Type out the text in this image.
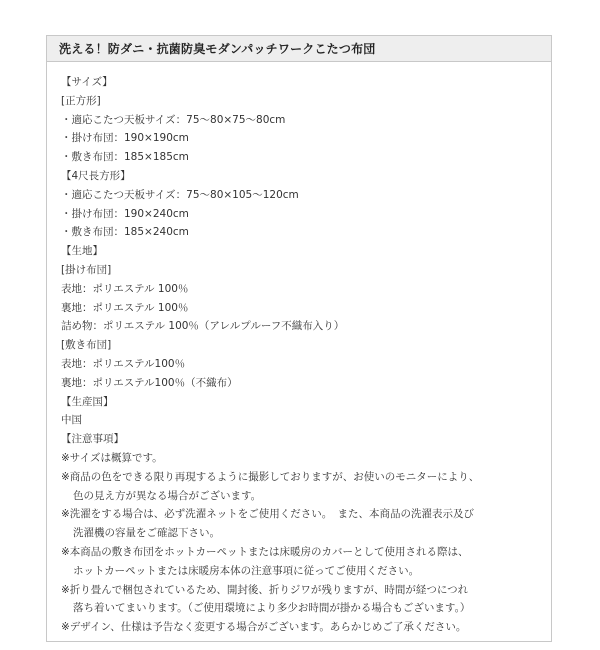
洗える！防ダニ・抗菌防臭モダンパッチワークこたつ布団
【サイズ】
[正方形]
・適応こたつ天板サイズ：75～80×75～80cm
・掛け布団：190×190cm
・敷き布団：185×185cm
【4尺長方形】
・適応こたつ天板サイズ：75～80×105～120cm
・掛け布団：190×240cm
・敷き布団：185×240cm
【生地】
[掛け布団]
表地：ポリエステル 100％
裏地：ポリエステル 100％
詰め物：ポリエステル 100％（アレルプルーフ不織布入り）
[敷き布団]
表地：ポリエステル100％
裏地：ポリエステル100％（不織布）
【生産国】
中国
【注意事項】
※サイズは概算です。
※商品の色をできる限り再現するように撮影しておりますが、お使いのモニターにより、
色の見え方が異なる場合がございます。
※洗濯をする場合は、必ず洗濯ネットをご使用ください。　また、本商品の洗濯表示及び
洗濯機の容量をご確認下さい。
※本商品の敷き布団をホットカーペットまたは床暖房のカバーとして使用される際は、
ホットカーペットまたは床暖房本体の注意事項に従ってご使用ください。
※折り畳んで梱包されているため、開封後、折りジワが残りますが、時間が経つにつれ
落ち着いてまいります。（ご使用環境により多少お時間が掛かる場合もございます。）
※デザイン、仕様は予告なく変更する場合がございます。あらかじめご了承ください。
